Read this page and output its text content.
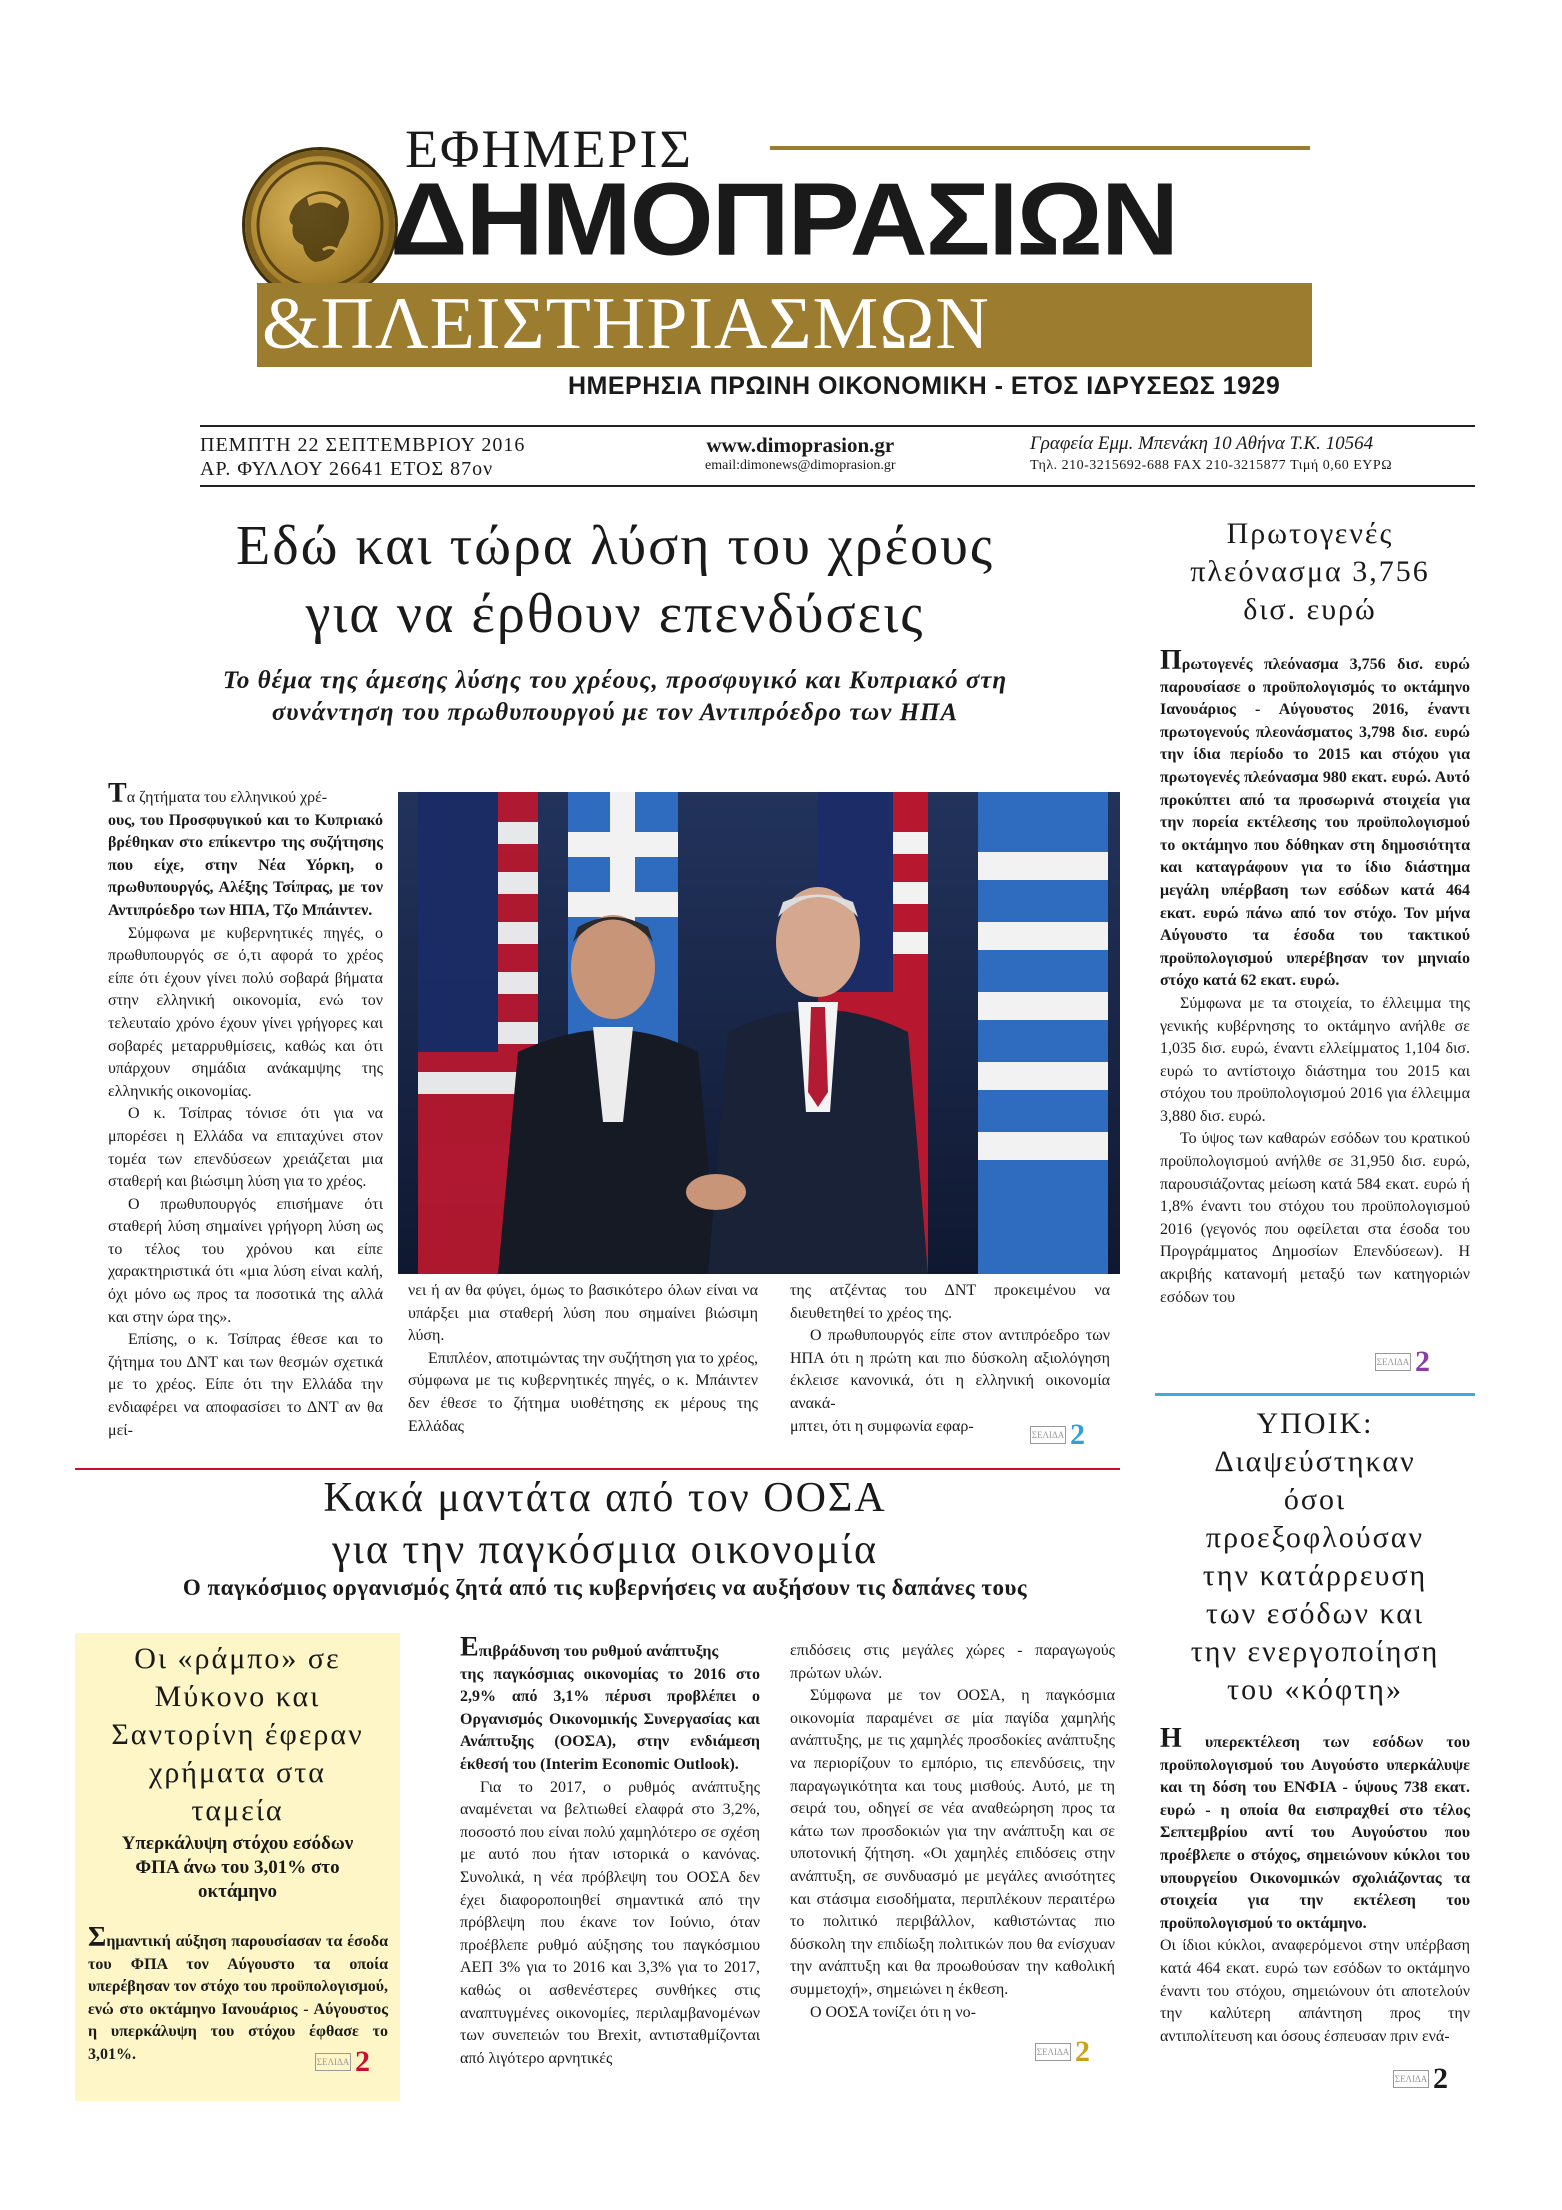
ΕΦΗΜΕΡΙΣ
ΔΗΜΟΠΡΑΣΙΩΝ
&ΠΛΕΙΣΤΗΡΙΑΣΜΩΝ
ΗΜΕΡΗΣΙΑ ΠΡΩΙΝΗ ΟΙΚΟΝΟΜΙΚΗ - ΕΤΟΣ ΙΔΡΥΣΕΩΣ 1929
ΠΕΜΠΤΗ 22 ΣΕΠΤΕΜΒΡΙΟΥ 2016
ΑΡ. ΦΥΛΛΟΥ 26641 ΕΤΟΣ 87ον
www.dimoprasion.gr
email:dimonews@dimoprasion.gr
Γραφεία Εμμ. Μπενάκη 10 Αθήνα Τ.Κ. 10564
Τηλ. 210-3215692-688 FAX 210-3215877 Τιμή 0,60 ΕΥΡΩ
Εδώ και τώρα λύση του χρέους
για να έρθουν επενδύσεις
Το θέμα της άμεσης λύσης του χρέους, προσφυγικό και Κυπριακό στη
συνάντηση του πρωθυπουργού με τον Αντιπρόεδρο των ΗΠΑ

Τα ζητήματα του ελληνικού χρέ-

ους, του Προσφυγικού και το Κυπριακό βρέθηκαν στο επίκεντρο της συζήτησης που είχε, στην Νέα Υόρκη, ο πρωθυπουργός, Αλέξης Τσίπρας, με τον Αντιπρόεδρο των ΗΠΑ, Τζο Μπάιντεν.

Σύμφωνα με κυβερνητικές πηγές, ο πρωθυπουργός σε ό,τι αφορά το χρέος είπε ότι έχουν γίνει πολύ σοβαρά βήματα στην ελληνική οικονομία, ενώ τον τελευταίο χρόνο έχουν γίνει γρήγορες και σοβαρές μεταρρυθμίσεις, καθώς και ότι υπάρχουν σημάδια ανάκαμψης της ελληνικής οικονομίας.

Ο κ. Τσίπρας τόνισε ότι για να μπορέσει η Ελλάδα να επιταχύνει στον τομέα των επενδύσεων χρειάζεται μια σταθερή και βιώσιμη λύση για το χρέος.

Ο πρωθυπουργός επισήμανε ότι σταθερή λύση σημαίνει γρήγορη λύση ως το τέλος του χρόνου και είπε χαρακτηριστικά ότι «μια λύση είναι καλή, όχι μόνο ως προς τα ποσοτικά της αλλά και στην ώρα της».

Επίσης, ο κ. Τσίπρας έθεσε και το ζήτημα του ΔΝΤ και των θεσμών σχετικά με το χρέος. Είπε ότι την Ελλάδα την ενδιαφέρει να αποφασίσει το ΔΝΤ αν θα μεί-

νει ή αν θα φύγει, όμως το βασικότερο όλων είναι να υπάρξει μια σταθερή λύση που σημαίνει βιώσιμη λύση.

Επιπλέον, αποτιμώντας την συζήτηση για το χρέος, σύμφωνα με τις κυβερνητικές πηγές, ο κ. Μπάιντεν δεν έθεσε το ζήτημα υιοθέτησης εκ μέρους της Ελλάδας

της ατζέντας του ΔΝΤ προκειμένου να διευθετηθεί το χρέος της.

Ο πρωθυπουργός είπε στον αντιπρόεδρο των ΗΠΑ ότι η πρώτη και πιο δύσκολη αξιολόγηση έκλεισε κανονικά, ότι η ελληνική οικονομία ανακά-

μπτει, ότι η συμφωνία εφαρ-

ΣΕΛΙΔΑ 2
Πρωτογενές
πλεόνασμα 3,756
δισ. ευρώ

Πρωτογενές πλεόνασμα 3,756 δισ. ευρώ παρουσίασε ο προϋπολογισμός το οκτάμηνο Ιανουάριος - Αύγουστος 2016, έναντι πρωτογενούς πλεονάσματος 3,798 δισ. ευρώ την ίδια περίοδο το 2015 και στόχου για πρωτογενές πλεόνασμα 980 εκατ. ευρώ. Αυτό προκύπτει από τα προσωρινά στοιχεία για την πορεία εκτέλεσης του προϋπολογισμού το οκτάμηνο που δόθηκαν στη δημοσιότητα και καταγράφουν για το ίδιο διάστημα μεγάλη υπέρβαση των εσόδων κατά 464 εκατ. ευρώ πάνω από τον στόχο. Τον μήνα Αύγουστο τα έσοδα του τακτικού προϋπολογισμού υπερέβησαν τον μηνιαίο στόχο κατά 62 εκατ. ευρώ.

Σύμφωνα με τα στοιχεία, το έλλειμμα της γενικής κυβέρνησης το οκτάμηνο ανήλθε σε 1,035 δισ. ευρώ, έναντι ελλείμματος 1,104 δισ. ευρώ το αντίστοιχο διάστημα του 2015 και στόχου του προϋπολογισμού 2016 για έλλειμμα 3,880 δισ. ευρώ.

Το ύψος των καθαρών εσόδων του κρατικού προϋπολογισμού ανήλθε σε 31,950 δισ. ευρώ, παρουσιάζοντας μείωση κατά 584 εκατ. ευρώ ή 1,8% έναντι του στόχου του προϋπολογισμού 2016 (γεγονός που οφείλεται στα έσοδα του Προγράμματος Δημοσίων Επενδύσεων). Η ακριβής κατανομή μεταξύ των κατηγοριών εσόδων του

ΣΕΛΙΔΑ 2
ΥΠΟΙΚ:
Διαψεύστηκαν
όσοι
προεξοφλούσαν
την κατάρρευση
των εσόδων και
την ενεργοποίηση
του «κόφτη»

Η υπερεκτέλεση των εσόδων του προϋπολογισμού του Αυγούστο υπερκάλυψε και τη δόση του ΕΝΦΙΑ - ύψους 738 εκατ. ευρώ - η οποία θα εισπραχθεί στο τέλος Σεπτεμβρίου αντί του Αυγούστου που προέβλεπε ο στόχος, σημειώνουν κύκλοι του υπουργείου Οικονομικών σχολιάζοντας τα στοιχεία για την εκτέλεση του προϋπολογισμού το οκτάμηνο.

Οι ίδιοι κύκλοι, αναφερόμενοι στην υπέρβαση κατά 464 εκατ. ευρώ των εσόδων το οκτάμηνο έναντι του στόχου, σημειώνουν ότι αποτελούν την καλύτερη απάντηση προς την αντιπολίτευση και όσους έσπευσαν πριν ενά-

ΣΕΛΙΔΑ 2
Κακά μαντάτα από τον ΟΟΣΑ
για την παγκόσμια οικονομία
Ο παγκόσμιος οργανισμός ζητά από τις κυβερνήσεις να αυξήσουν τις δαπάνες τους

Επιβράδυνση του ρυθμού ανάπτυξης

της παγκόσμιας οικονομίας το 2016 στο 2,9% από 3,1% πέρυσι προβλέπει ο Οργανισμός Οικονομικής Συνεργασίας και Ανάπτυξης (ΟΟΣΑ), στην ενδιάμεση έκθεσή του (Interim Economic Outlook).

Για το 2017, ο ρυθμός ανάπτυξης αναμένεται να βελτιωθεί ελαφρά στο 3,2%, ποσοστό που είναι πολύ χαμηλότερο σε σχέση με αυτό που ήταν ιστορικά ο κανόνας. Συνολικά, η νέα πρόβλεψη του ΟΟΣΑ δεν έχει διαφοροποιηθεί σημαντικά από την πρόβλεψη που έκανε τον Ιούνιο, όταν προέβλεπε ρυθμό αύξησης του παγκόσμιου ΑΕΠ 3% για το 2016 και 3,3% για το 2017, καθώς οι ασθενέστερες συνθήκες στις αναπτυγμένες οικονομίες, περιλαμβανομένων των συνεπειών του Brexit, αντισταθμίζονται από λιγότερο αρνητικές

επιδόσεις στις μεγάλες χώρες - παραγωγούς πρώτων υλών.

Σύμφωνα με τον ΟΟΣΑ, η παγκόσμια οικονομία παραμένει σε μία παγίδα χαμηλής ανάπτυξης, με τις χαμηλές προσδοκίες ανάπτυξης να περιορίζουν το εμπόριο, τις επενδύσεις, την παραγωγικότητα και τους μισθούς. Αυτό, με τη σειρά του, οδηγεί σε νέα αναθεώρηση προς τα κάτω των προσδοκιών για την ανάπτυξη και σε υποτονική ζήτηση. «Οι χαμηλές επιδόσεις στην ανάπτυξη, σε συνδυασμό με μεγάλες ανισότητες και στάσιμα εισοδήματα, περιπλέκουν περαιτέρω το πολιτικό περιβάλλον, καθιστώντας πιο δύσκολη την επιδίωξη πολιτικών που θα ενίσχυαν την ανάπτυξη και θα προωθούσαν την καθολική συμμετοχή», σημειώνει η έκθεση.

Ο ΟΟΣΑ τονίζει ότι η νο-

ΣΕΛΙΔΑ 2
Οι «ράμπο» σε
Μύκονο και
Σαντορίνη έφεραν
χρήματα στα
ταμεία
Υπερκάλυψη στόχου εσόδων
ΦΠΑ άνω του 3,01% στο
οκτάμηνο

Σημαντική αύξηση παρουσίασαν τα έσοδα του ΦΠΑ τον Αύγουστο τα οποία υπερέβησαν τον στόχο του προϋπολογισμού, ενώ στο οκτάμηνο Ιανουάριος - Αύγουστος η υπερκάλυψη του στόχου έφθασε το 3,01%.	ΣΕΛΙΔΑ 2
